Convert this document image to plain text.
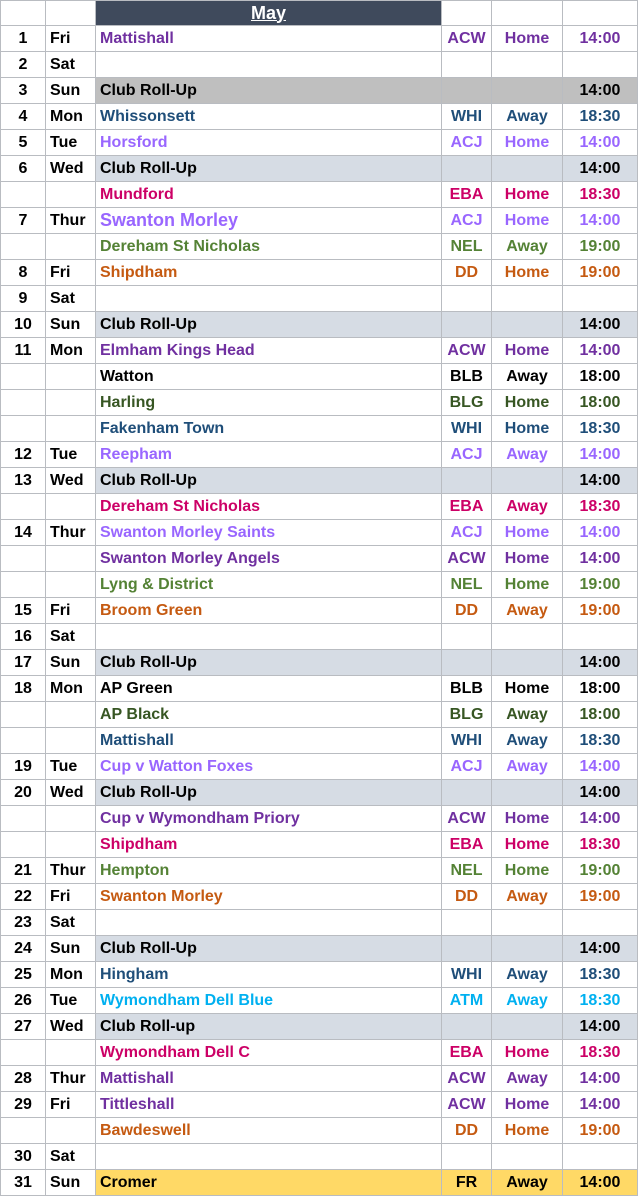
		May			
1	Fri	Mattishall	ACW	Home	14:00
2	Sat				
3	Sun	Club Roll-Up			14:00
4	Mon	Whissonsett	WHI	Away	18:30
5	Tue	Horsford	ACJ	Home	14:00
6	Wed	Club Roll-Up			14:00
		Mundford	EBA	Home	18:30
7	Thur	Swanton Morley	ACJ	Home	14:00
		Dereham St Nicholas	NEL	Away	19:00
8	Fri	Shipdham	DD	Home	19:00
9	Sat				
10	Sun	Club Roll-Up			14:00
11	Mon	Elmham Kings Head	ACW	Home	14:00
		Watton	BLB	Away	18:00
		Harling	BLG	Home	18:00
		Fakenham Town	WHI	Home	18:30
12	Tue	Reepham	ACJ	Away	14:00
13	Wed	Club Roll-Up			14:00
		Dereham St Nicholas	EBA	Away	18:30
14	Thur	Swanton Morley Saints	ACJ	Home	14:00
		Swanton Morley Angels	ACW	Home	14:00
		Lyng & District	NEL	Home	19:00
15	Fri	Broom Green	DD	Away	19:00
16	Sat				
17	Sun	Club Roll-Up			14:00
18	Mon	AP Green	BLB	Home	18:00
		AP Black	BLG	Away	18:00
		Mattishall	WHI	Away	18:30
19	Tue	Cup v Watton Foxes	ACJ	Away	14:00
20	Wed	Club Roll-Up			14:00
		Cup v Wymondham Priory	ACW	Home	14:00
		Shipdham	EBA	Home	18:30
21	Thur	Hempton	NEL	Home	19:00
22	Fri	Swanton Morley	DD	Away	19:00
23	Sat				
24	Sun	Club Roll-Up			14:00
25	Mon	Hingham	WHI	Away	18:30
26	Tue	Wymondham Dell Blue	ATM	Away	18:30
27	Wed	Club Roll-up			14:00
		Wymondham Dell C	EBA	Home	18:30
28	Thur	Mattishall	ACW	Away	14:00
29	Fri	Tittleshall	ACW	Home	14:00
		Bawdeswell	DD	Home	19:00
30	Sat				
31	Sun	Cromer	FR	Away	14:00
